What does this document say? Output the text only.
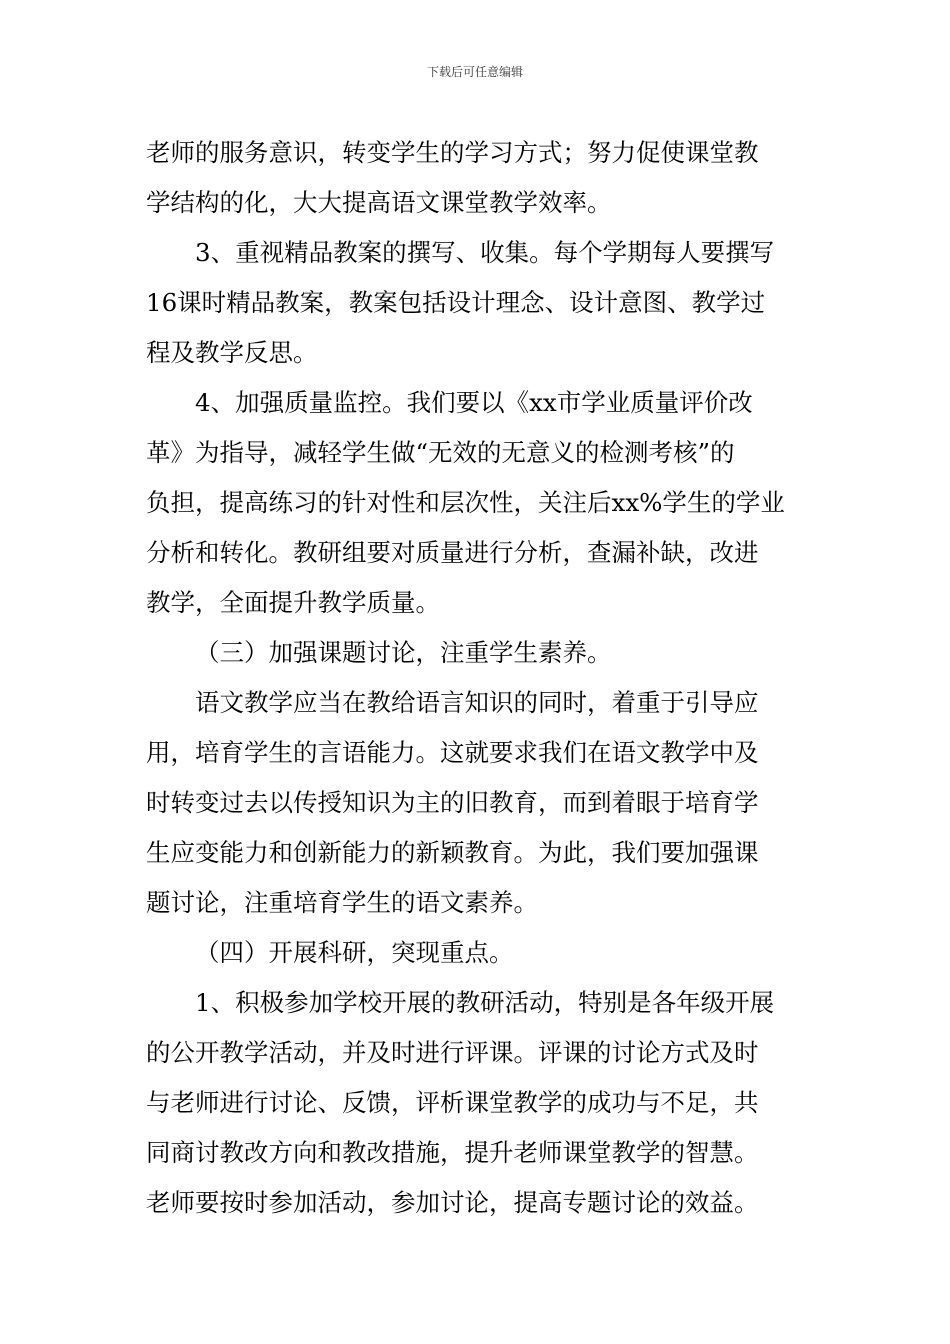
下载后可任意编辑
老师的服务意识，转变学生的学习方式；努力促使课堂教
学结构的化，大大提高语文课堂教学效率。
3、重视精品教案的撰写、收集。每个学期每人要撰写
16课时精品教案，教案包括设计理念、设计意图、教学过
程及教学反思。
4、加强质量监控。我们要以《xx市学业质量评价改
革》为指导，减轻学生做“无效的无意义的检测考核”的
负担，提高练习的针对性和层次性，关注后xx%学生的学业
分析和转化。教研组要对质量进行分析，查漏补缺，改进
教学，全面提升教学质量。
（三）加强课题讨论，注重学生素养。
语文教学应当在教给语言知识的同时，着重于引导应
用，培育学生的言语能力。这就要求我们在语文教学中及
时转变过去以传授知识为主的旧教育，而到着眼于培育学
生应变能力和创新能力的新颖教育。为此，我们要加强课
题讨论，注重培育学生的语文素养。
（四）开展科研，突现重点。
1、积极参加学校开展的教研活动，特别是各年级开展
的公开教学活动，并及时进行评课。评课的讨论方式及时
与老师进行讨论、反馈，评析课堂教学的成功与不足，共
同商讨教改方向和教改措施，提升老师课堂教学的智慧。
老师要按时参加活动，参加讨论，提高专题讨论的效益。
